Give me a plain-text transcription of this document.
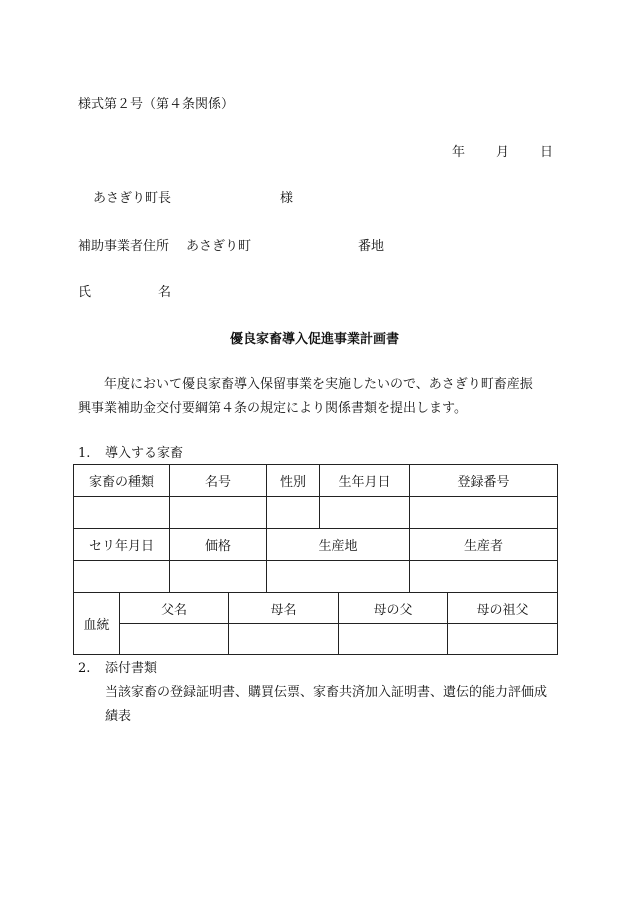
様式第２号（第４条関係）
年 月 日
あさぎり町長	様
補助事業者住所 あさぎり町	番地
氏	名
優良家畜導入促進事業計画書
年度において優良家畜導入保留事業を実施したいので、あさぎり町畜産振
興事業補助金交付要綱第４条の規定により関係書類を提出します。
1. 導入する家畜
家畜の種類	名号	性別	生年月日	登録番号

セリ年月日	価格	生産地		生産者

血統	父名	母名	母の父	母の祖父

2. 添付書類
当該家畜の登録証明書、購買伝票、家畜共済加入証明書、遺伝的能力評価成
績表
